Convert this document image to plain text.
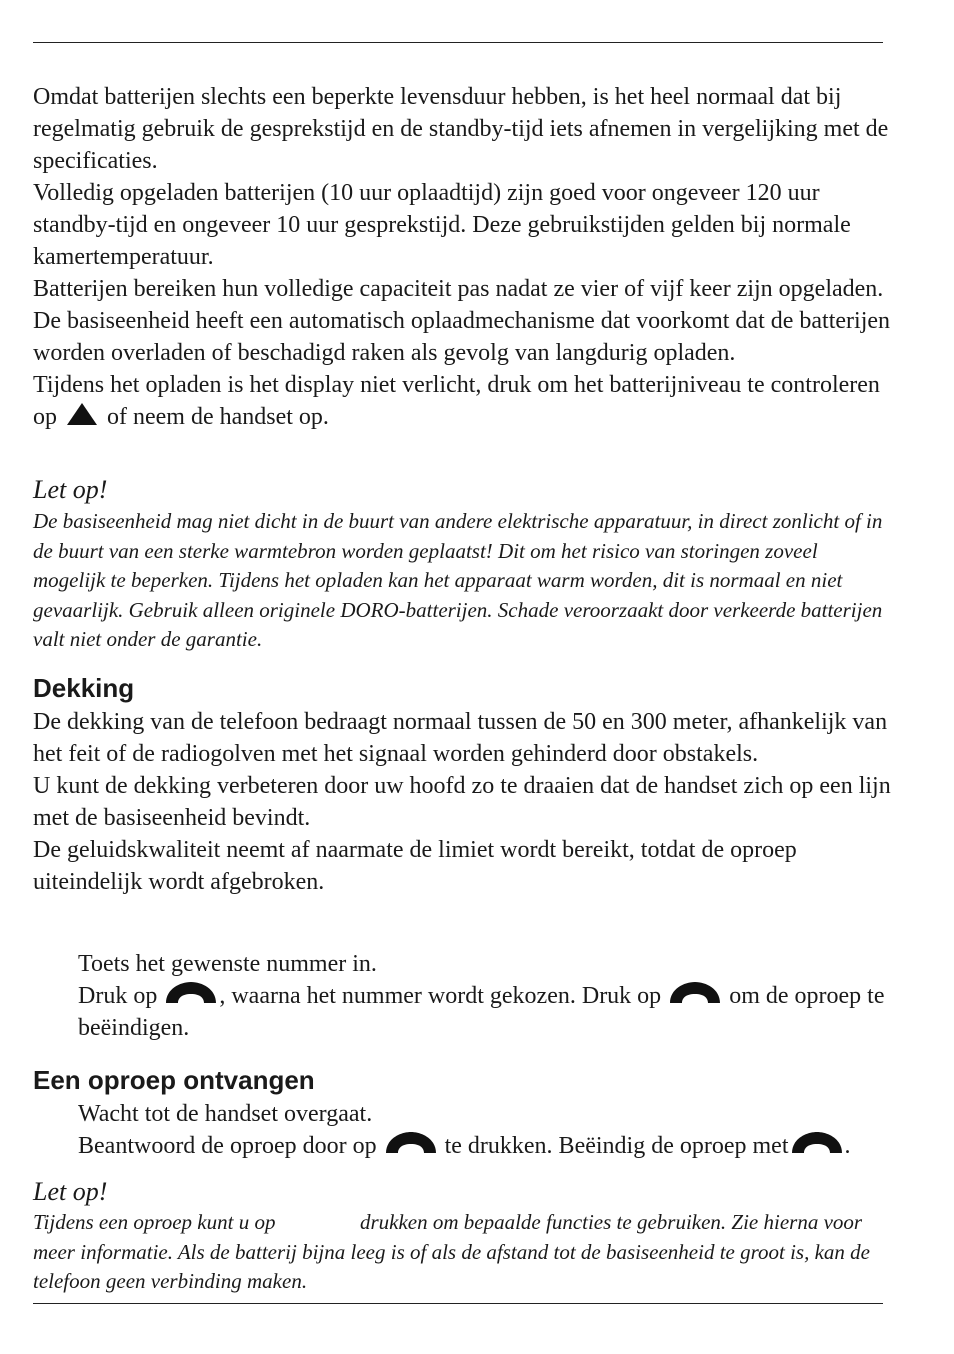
Omdat batterijen slechts een beperkte levensduur hebben, is het heel normaal dat bij regelmatig gebruik de gesprekstijd en de standby-tijd iets afnemen in vergelijking met de specificaties.

Volledig opgeladen batterijen (10 uur oplaadtijd) zijn goed voor ongeveer 120 uur standby-tijd en ongeveer 10 uur gesprekstijd. Deze gebruikstijden gelden bij normale kamertemperatuur.

Batterijen bereiken hun volledige capaciteit pas nadat ze vier of vijf keer zijn opgeladen.

De basiseenheid heeft een automatisch oplaadmechanisme dat voorkomt dat de batterijen worden overladen of beschadigd raken als gevolg van langdurig opladen.

Tijdens het opladen is het display niet verlicht, druk om het batterijniveau te controleren op of neem de handset op.

Let op!
De basiseenheid mag niet dicht in de buurt van andere elektrische apparatuur, in direct zonlicht of in de buurt van een sterke warmtebron worden geplaatst! Dit om het risico van storingen zoveel mogelijk te beperken. Tijdens het opladen kan het apparaat warm worden, dit is normaal en niet gevaarlijk. Gebruik alleen originele DORO-batterijen. Schade veroorzaakt door verkeerde batterijen valt niet onder de garantie.
Dekking

De dekking van de telefoon bedraagt normaal tussen de 50 en 300 meter, afhankelijk van het feit of de radiogolven met het signaal worden gehinderd door obstakels.

U kunt de dekking verbeteren door uw hoofd zo te draaien dat de handset zich op een lijn met de basiseenheid bevindt.

De geluidskwaliteit neemt af naarmate de limiet wordt bereikt, totdat de oproep uiteindelijk wordt afgebroken.

Toets het gewenste nummer in.

Druk op	, waarna het nummer wordt gekozen. Druk op	om de oproep te beëindigen.

Een oproep ontvangen

Wacht tot de handset overgaat.

Beantwoord de oproep door op	te drukken. Beëindig de oproep met .

Let op!
Tijdens een oproep kunt u op	drukken om bepaalde functies te gebruiken. Zie hierna voor meer informatie. Als de batterij bijna leeg is of als de afstand tot de basiseenheid te groot is, kan de telefoon geen verbinding maken.
